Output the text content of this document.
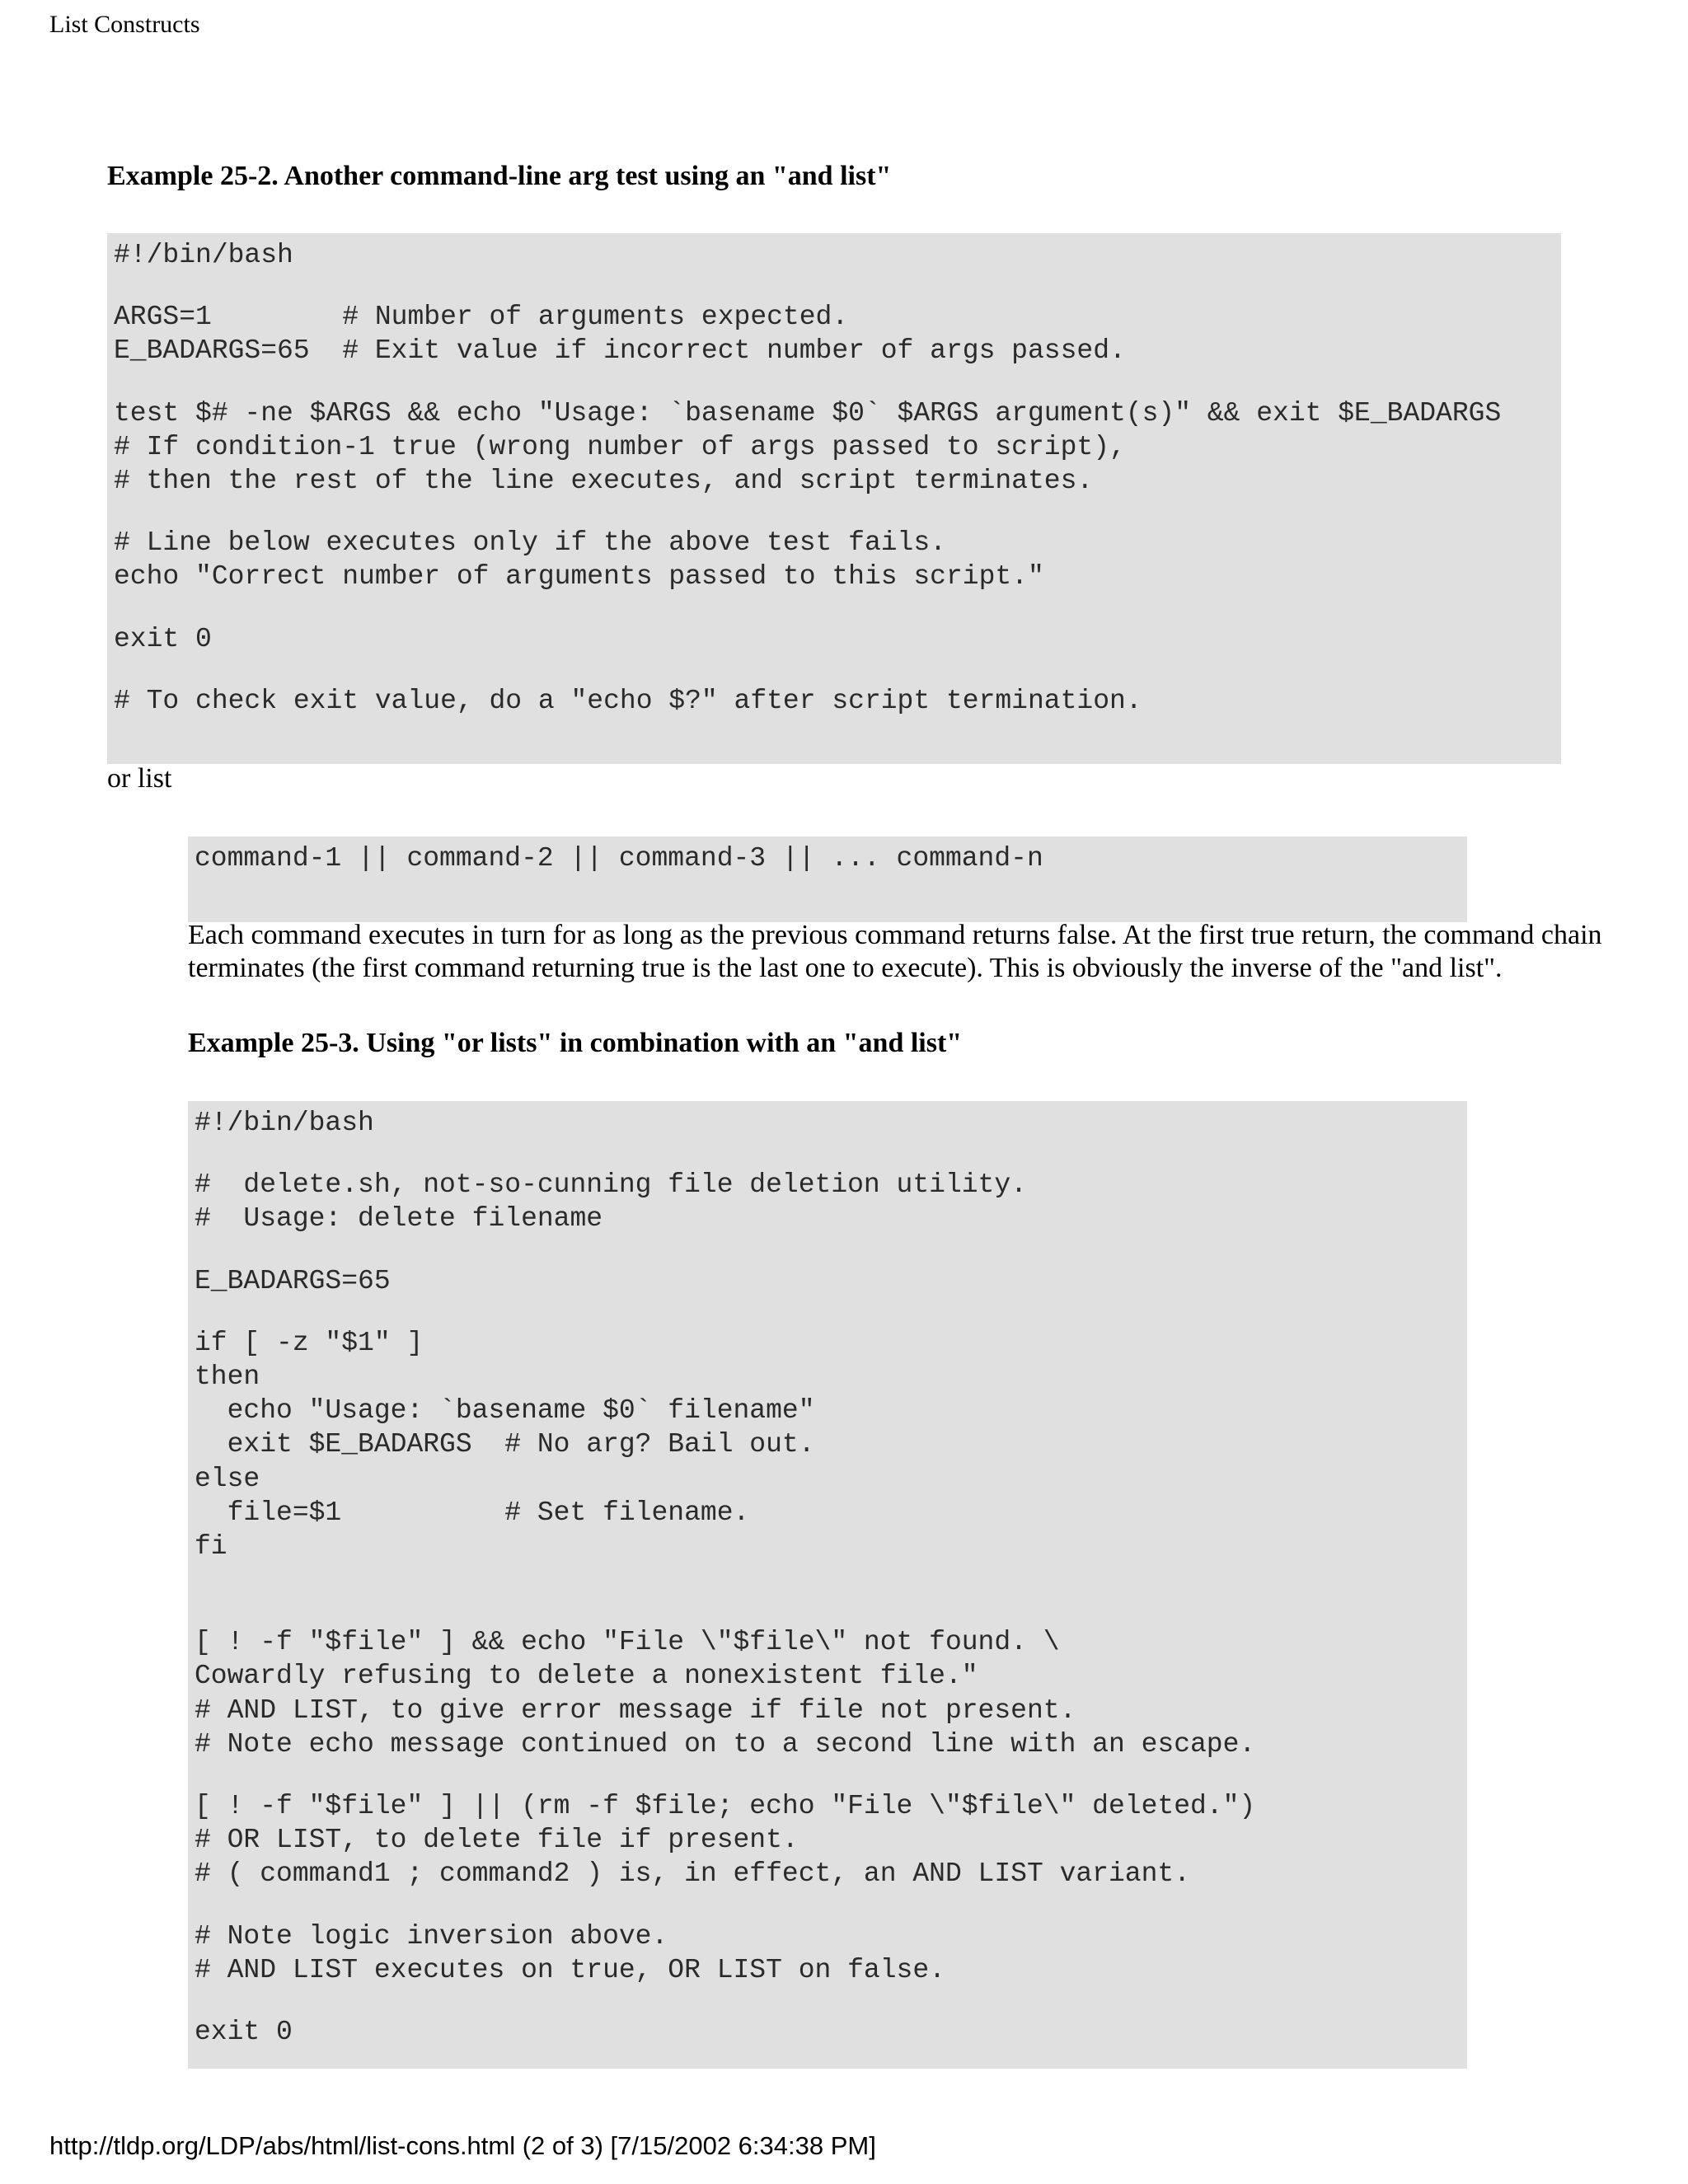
List Constructs
Example 25-2. Another command-line arg test using an "and list"
#!/bin/bash
ARGS=1        # Number of arguments expected.
E_BADARGS=65  # Exit value if incorrect number of args passed.
test $# -ne $ARGS && echo "Usage: `basename $0` $ARGS argument(s)" && exit $E_BADARGS
# If condition-1 true (wrong number of args passed to script),
# then the rest of the line executes, and script terminates.
# Line below executes only if the above test fails.
echo "Correct number of arguments passed to this script."
exit 0
# To check exit value, do a "echo $?" after script termination.
or list
command-1 || command-2 || command-3 || ... command-n

Each command executes in turn for as long as the previous command returns false. At the first true return, the command chain terminates (the first command returning true is the last one to execute). This is obviously the inverse of the "and list".

Example 25-3. Using "or lists" in combination with an "and list"
#!/bin/bash
#  delete.sh, not-so-cunning file deletion utility.
#  Usage: delete filename
E_BADARGS=65
if [ -z "$1" ]
then
echo "Usage: `basename $0` filename"
exit $E_BADARGS  # No arg? Bail out.
else
file=$1          # Set filename.
fi
[ ! -f "$file" ] && echo "File \"$file\" not found. \
Cowardly refusing to delete a nonexistent file."
# AND LIST, to give error message if file not present.
# Note echo message continued on to a second line with an escape.
[ ! -f "$file" ] || (rm -f $file; echo "File \"$file\" deleted.")
# OR LIST, to delete file if present.
# ( command1 ; command2 ) is, in effect, an AND LIST variant.
# Note logic inversion above.
# AND LIST executes on true, OR LIST on false.
exit 0
http://tldp.org/LDP/abs/html/list-cons.html (2 of 3) [7/15/2002 6:34:38 PM]
